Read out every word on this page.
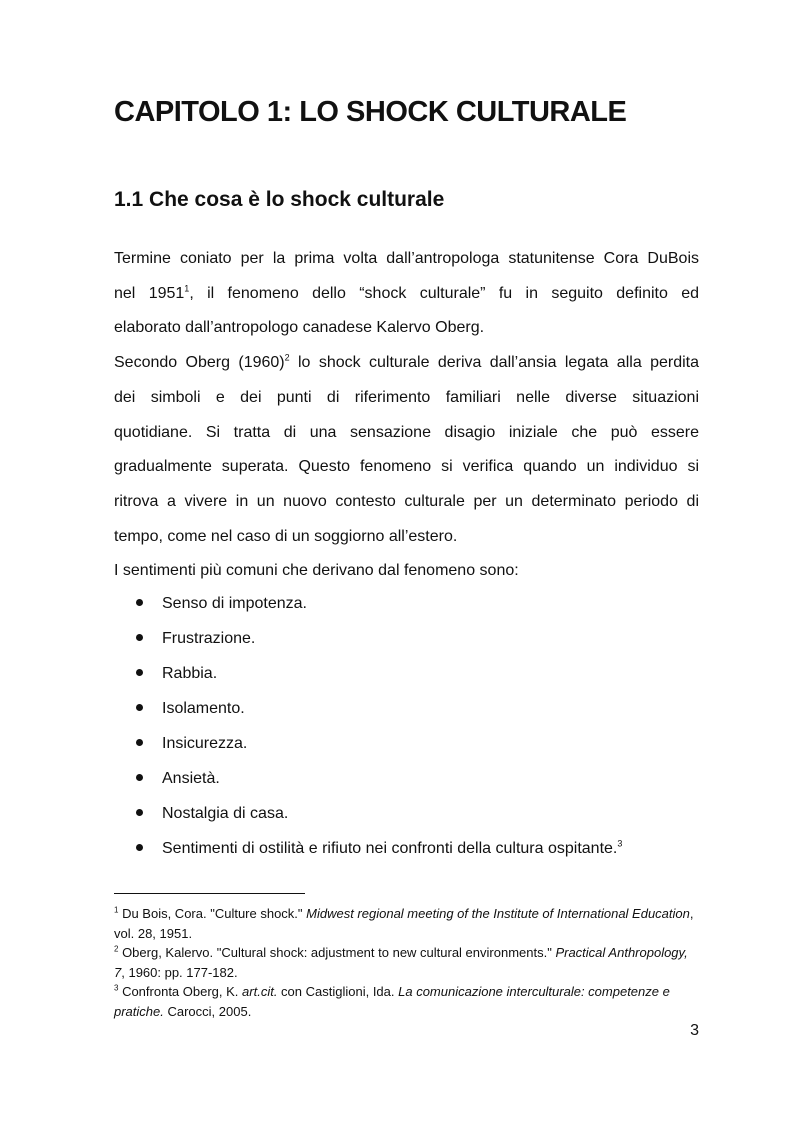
CAPITOLO 1: LO SHOCK CULTURALE
1.1 Che cosa è lo shock culturale

Termine coniato per la prima volta dall’antropologa statunitense Cora DuBois
nel 1951$^1$, il fenomeno dello “shock culturale” fu in seguito definito ed
elaborato dall’antropologo canadese Kalervo Oberg.

Secondo Oberg $(1960)^2$ lo shock culturale deriva dall’ansia legata alla perdita
dei simboli e dei punti di riferimento familiari nelle diverse situazioni
quotidiane. Si tratta di una sensazione disagio iniziale che può essere
gradualmente superata. Questo fenomeno si verifica quando un individuo si
ritrova a vivere in un nuovo contesto culturale per un determinato periodo di
tempo, come nel caso di un soggiorno all’estero.

I sentimenti più comuni che derivano dal fenomeno sono:

Senso di impotenza.
Frustrazione.
Rabbia.
Isolamento.
Insicurezza.
Ansietà.
Nostalgia di casa.
Sentimenti di ostilità e rifiuto nei confronti della cultura ospitante.$^3$

$^1$ Du Bois, Cora. "Culture shock." Midwest regional meeting of the Institute of International Education, vol. 28, 1951.

$^2$ Oberg, Kalervo. "Cultural shock: adjustment to new cultural environments." Practical Anthropology, 7, 1960: pp. 177-182.

$^3$ Confronta Oberg, K. art.cit. con Castiglioni, Ida. La comunicazione interculturale: competenze e pratiche. Carocci, 2005.

3
